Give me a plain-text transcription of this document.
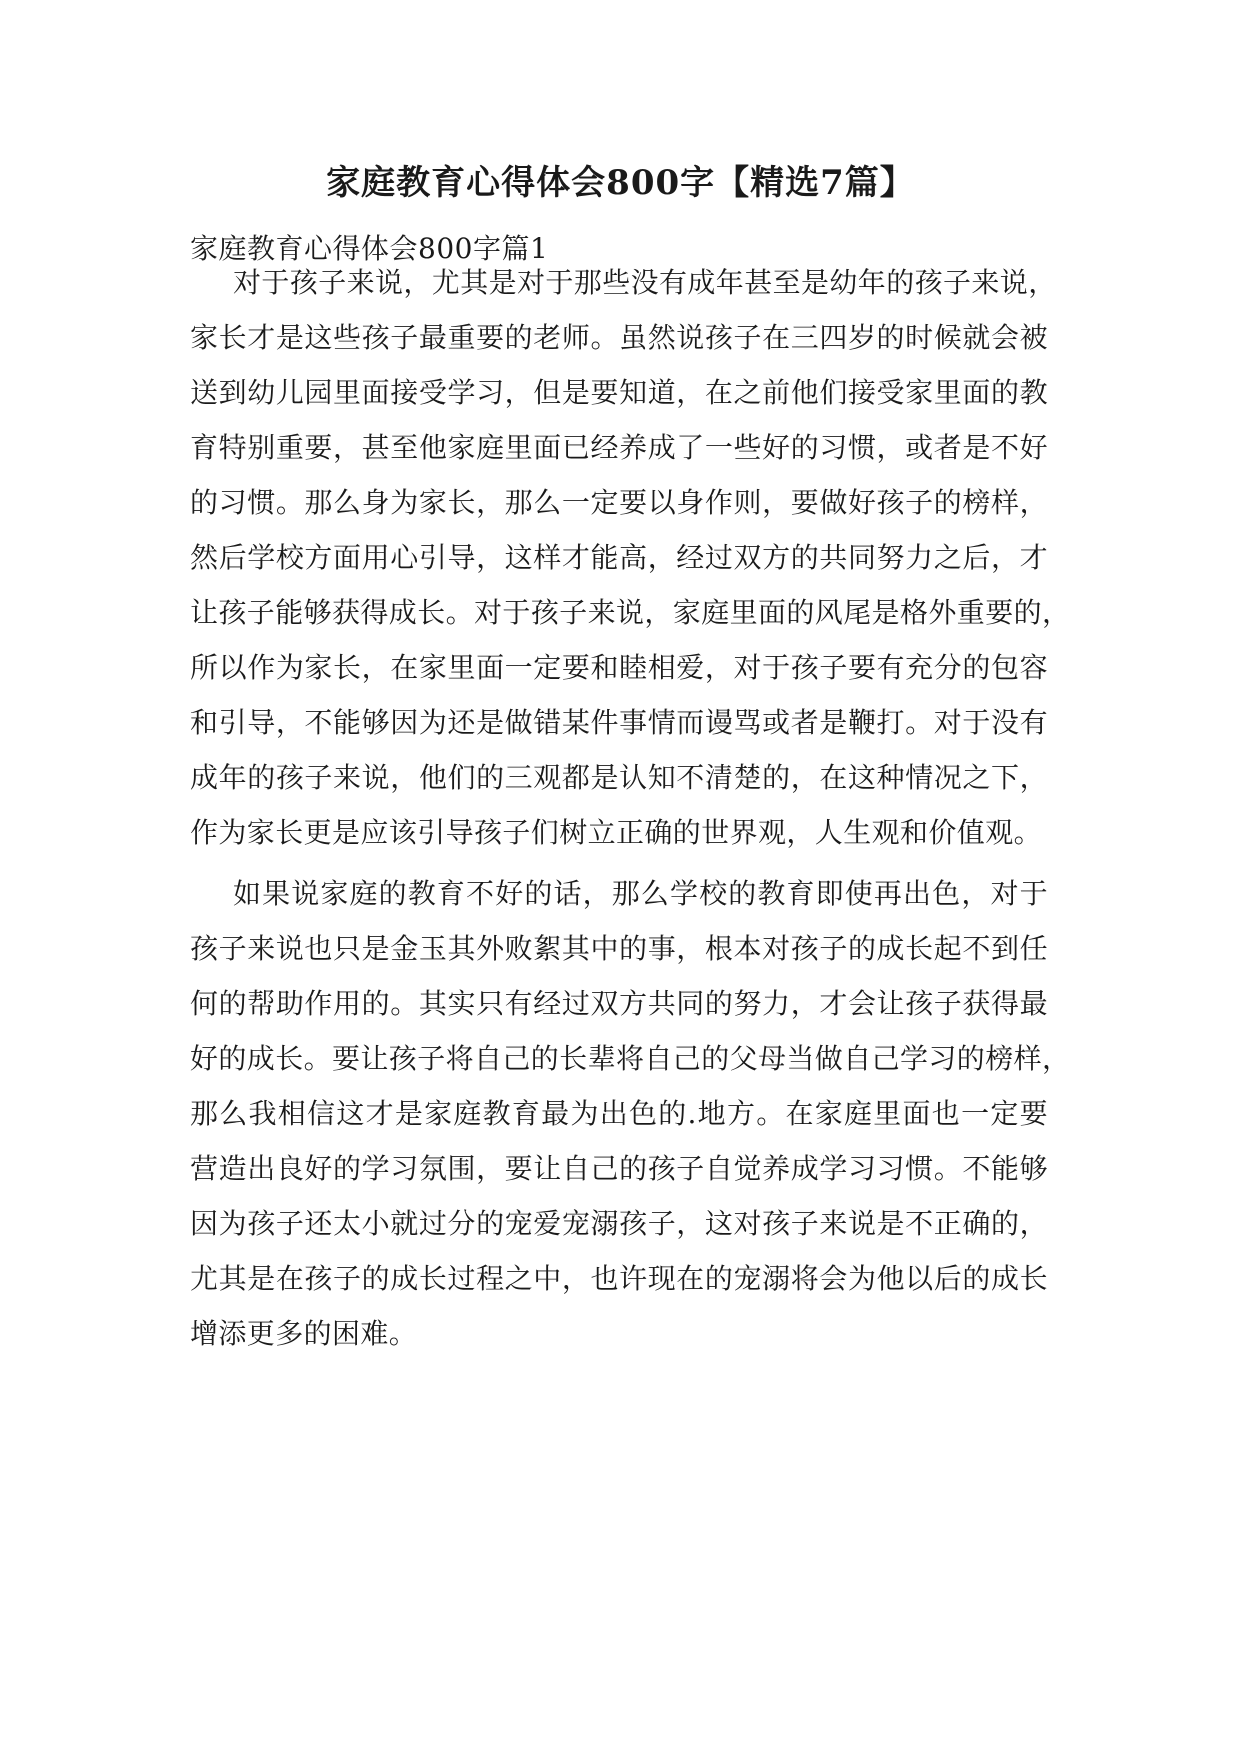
家庭教育心得体会800字【精选7篇】
家庭教育心得体会800字篇1
对于孩子来说，尤其是对于那些没有成年甚至是幼年的孩子来说，
家长才是这些孩子最重要的老师。虽然说孩子在三四岁的时候就会被
送到幼儿园里面接受学习，但是要知道，在之前他们接受家里面的教
育特别重要，甚至他家庭里面已经养成了一些好的习惯，或者是不好
的习惯。那么身为家长，那么一定要以身作则，要做好孩子的榜样，
然后学校方面用心引导，这样才能高，经过双方的共同努力之后，才
让孩子能够获得成长。对于孩子来说，家庭里面的风尾是格外重要的，
所以作为家长，在家里面一定要和睦相爱，对于孩子要有充分的包容
和引导，不能够因为还是做错某件事情而谩骂或者是鞭打。对于没有
成年的孩子来说，他们的三观都是认知不清楚的，在这种情况之下，
作为家长更是应该引导孩子们树立正确的世界观，人生观和价值观。
如果说家庭的教育不好的话，那么学校的教育即使再出色，对于
孩子来说也只是金玉其外败絮其中的事，根本对孩子的成长起不到任
何的帮助作用的。其实只有经过双方共同的努力，才会让孩子获得最
好的成长。要让孩子将自己的长辈将自己的父母当做自己学习的榜样，
那么我相信这才是家庭教育最为出色的.地方。在家庭里面也一定要
营造出良好的学习氛围，要让自己的孩子自觉养成学习习惯。不能够
因为孩子还太小就过分的宠爱宠溺孩子，这对孩子来说是不正确的，
尤其是在孩子的成长过程之中，也许现在的宠溺将会为他以后的成长
增添更多的困难。
